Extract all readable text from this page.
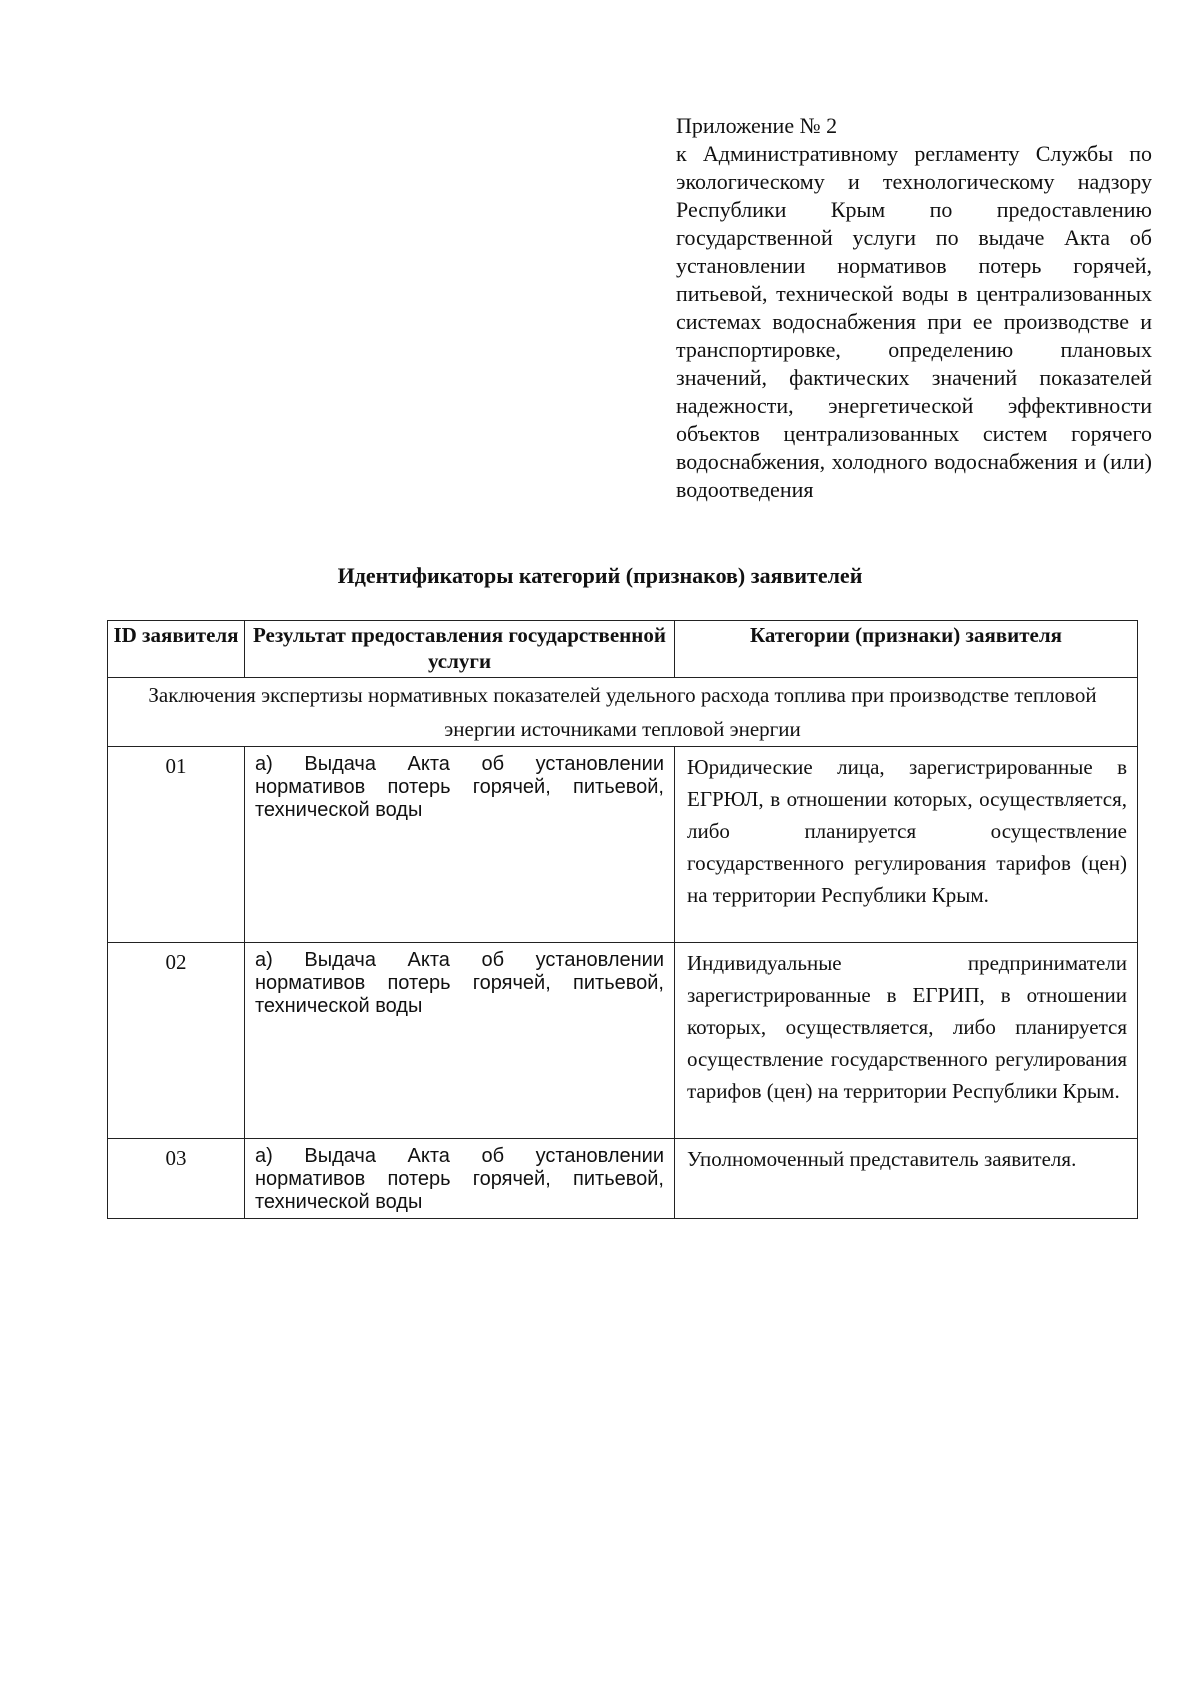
Приложение № 2
к Административному регламенту Службы по экологическому и технологическому надзору Республики Крым по предоставлению государственной услуги по выдаче Акта об установлении нормативов потерь горячей, питьевой, технической воды в централизованных системах водоснабжения при ее производстве и транспортировке, определению плановых значений, фактических значений показателей надежности, энергетической эффективности объектов централизованных систем горячего водоснабжения, холодного водоснабжения и (или) водоотведения
Идентификаторы категорий (признаков) заявителей
ID заявителя	Результат предоставления государственной услуги	Категории (признаки) заявителя
Заключения экспертизы нормативных показателей удельного расхода топлива при производстве тепловой энергии источниками тепловой энергии		
01	а) Выдача Акта об установлении нормативов потерь горячей, питьевой, технической воды	Юридические лица, зарегистрированные в ЕГРЮЛ, в отношении которых, осуществляется, либо планируется осуществление государственного регулирования тарифов (цен) на территории Республики Крым.
02	а) Выдача Акта об установлении нормативов потерь горячей, питьевой, технической воды	Индивидуальные предприниматели зарегистрированные в ЕГРИП, в отношении которых, осуществляется, либо планируется осуществление государственного регулирования тарифов (цен) на территории Республики Крым.
03	а) Выдача Акта об установлении нормативов потерь горячей, питьевой, технической воды	Уполномоченный представитель заявителя.
